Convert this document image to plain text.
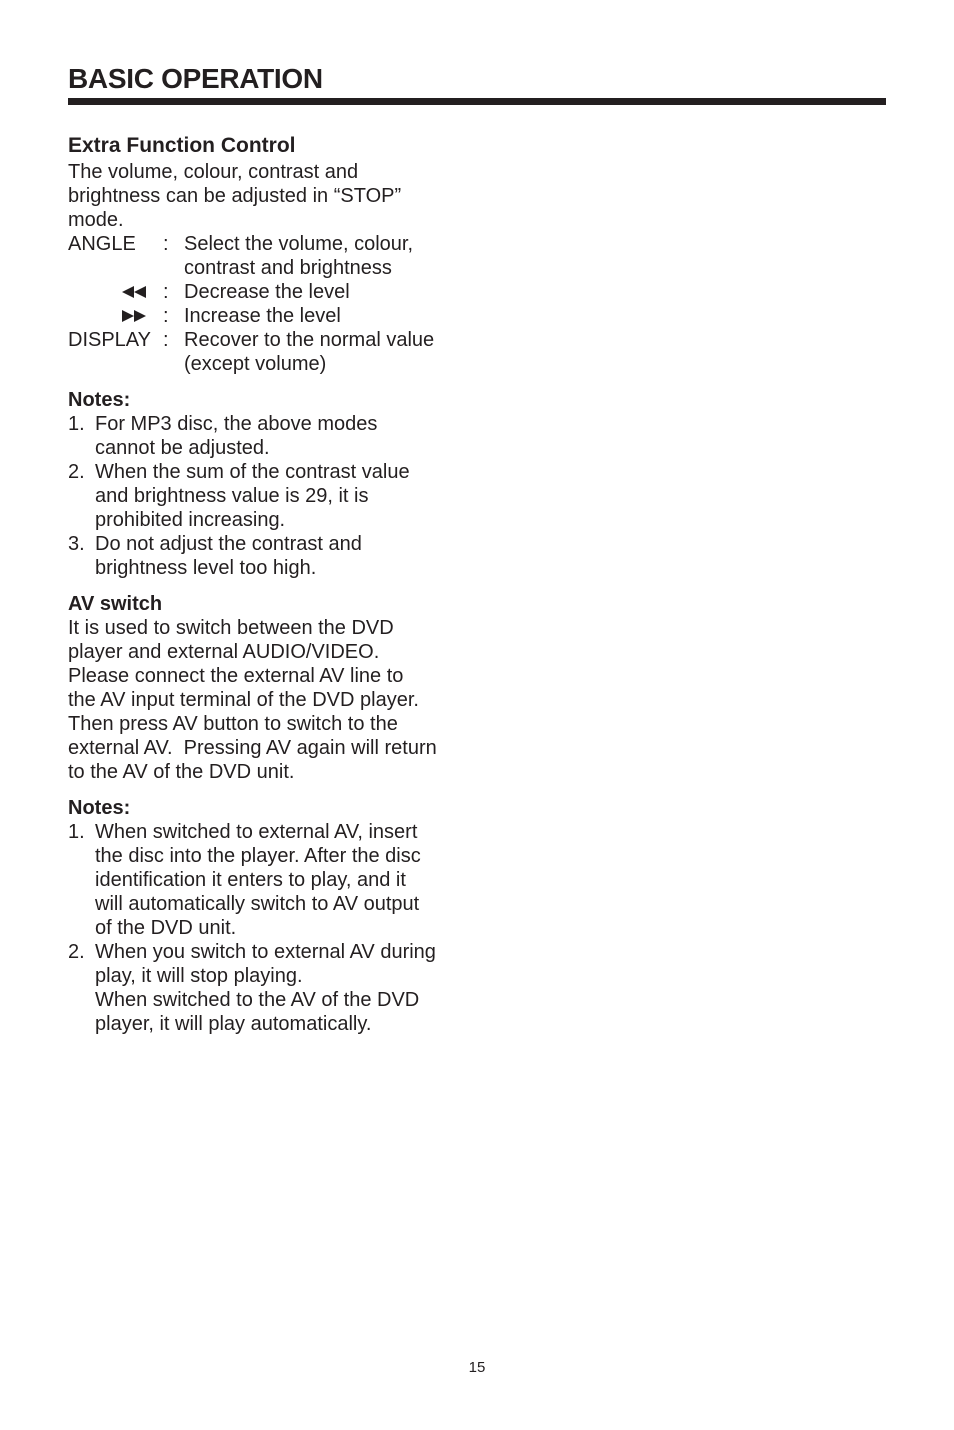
BASIC OPERATION
Extra Function Control

The volume, colour, contrast and brightness can be adjusted in “STOP” mode.

ANGLE : Select the volume, colour,
contrast and brightness
: Decrease the level
: Increase the level
DISPLAY : Recover to the normal value
(except volume)

Notes:

1. For MP3 disc, the above modes
cannot be adjusted.
2. When the sum of the contrast value
and brightness value is 29, it is
prohibited increasing.
3. Do not adjust the contrast and
brightness level too high.

AV switch

It is used to switch between the DVD
player and external AUDIO/VIDEO.
Please connect the external AV line to
the AV input terminal of the DVD player.
Then press AV button to switch to the
external AV.  Pressing AV again will return
to the AV of the DVD unit.

Notes:

1. When switched to external AV, insert
the disc into the player. After the disc
identification it enters to play, and it
will automatically switch to AV output
of the DVD unit.
2. When you switch to external AV during
play, it will stop playing.
When switched to the AV of the DVD
player, it will play automatically.
15
